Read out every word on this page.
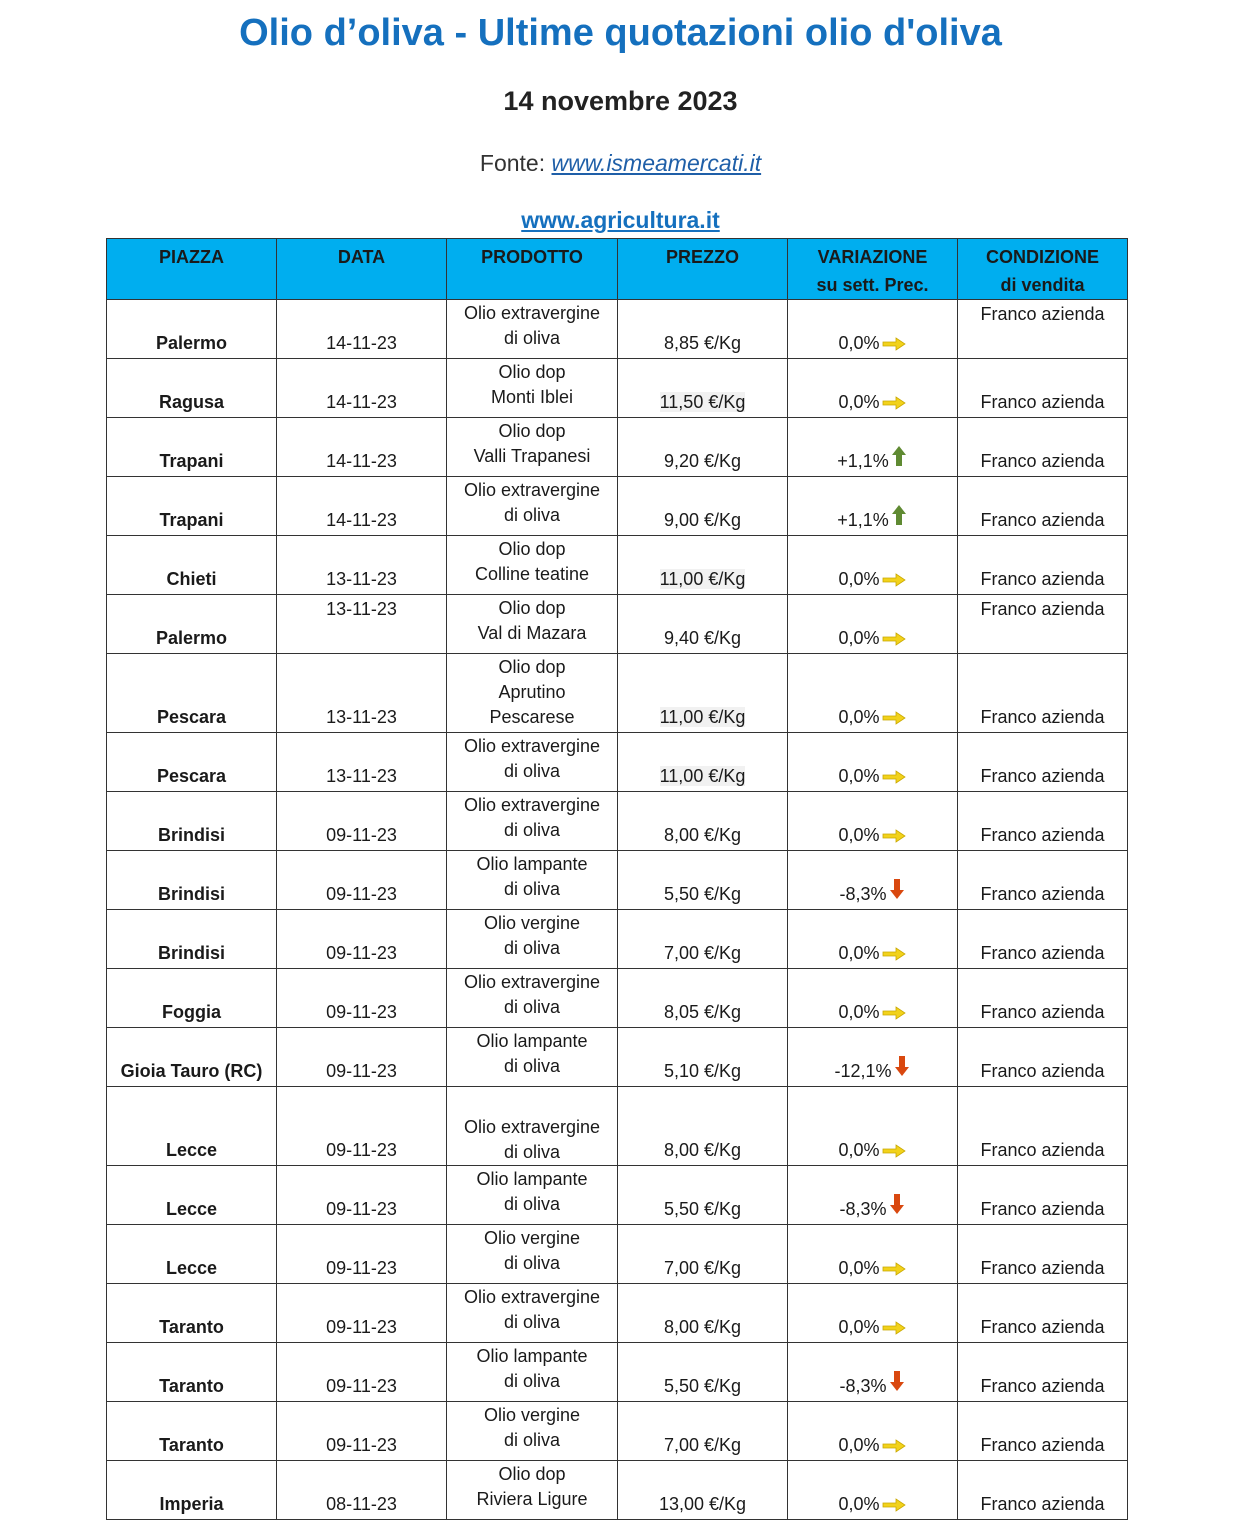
Olio d’oliva - Ultime quotazioni olio d'oliva
14 novembre 2023
Fonte: www.ismeamercati.it
www.agricultura.it
PIAZZA	DATA	PRODOTTO	PREZZO	VARIAZIONE
su sett. Prec.	CONDIZIONE
di vendita
Palermo	14-11-23	Olio extravergine
di oliva	8,85 €/Kg	0,0%	Franco azienda
Ragusa	14-11-23	Olio dop
Monti Iblei	11,50 €/Kg	0,0%	Franco azienda
Trapani	14-11-23	Olio dop
Valli Trapanesi	9,20 €/Kg	+1,1%	Franco azienda
Trapani	14-11-23	Olio extravergine
di oliva	9,00 €/Kg	+1,1%	Franco azienda
Chieti	13-11-23	Olio dop
Colline teatine	11,00 €/Kg	0,0%	Franco azienda
Palermo	13-11-23	Olio dop
Val di Mazara	9,40 €/Kg	0,0%	Franco azienda
Pescara	13-11-23	Olio dop
Aprutino
Pescarese	11,00 €/Kg	0,0%	Franco azienda
Pescara	13-11-23	Olio extravergine
di oliva	11,00 €/Kg	0,0%	Franco azienda
Brindisi	09-11-23	Olio extravergine
di oliva	8,00 €/Kg	0,0%	Franco azienda
Brindisi	09-11-23	Olio lampante
di oliva	5,50 €/Kg	-8,3%	Franco azienda
Brindisi	09-11-23	Olio vergine
di oliva	7,00 €/Kg	0,0%	Franco azienda
Foggia	09-11-23	Olio extravergine
di oliva	8,05 €/Kg	0,0%	Franco azienda
Gioia Tauro (RC)	09-11-23	Olio lampante
di oliva	5,10 €/Kg	-12,1%	Franco azienda
Lecce	09-11-23	Olio extravergine
di oliva	8,00 €/Kg	0,0%	Franco azienda
Lecce	09-11-23	Olio lampante
di oliva	5,50 €/Kg	-8,3%	Franco azienda
Lecce	09-11-23	Olio vergine
di oliva	7,00 €/Kg	0,0%	Franco azienda
Taranto	09-11-23	Olio extravergine
di oliva	8,00 €/Kg	0,0%	Franco azienda
Taranto	09-11-23	Olio lampante
di oliva	5,50 €/Kg	-8,3%	Franco azienda
Taranto	09-11-23	Olio vergine
di oliva	7,00 €/Kg	0,0%	Franco azienda
Imperia	08-11-23	Olio dop
Riviera Ligure	13,00 €/Kg	0,0%	Franco azienda
